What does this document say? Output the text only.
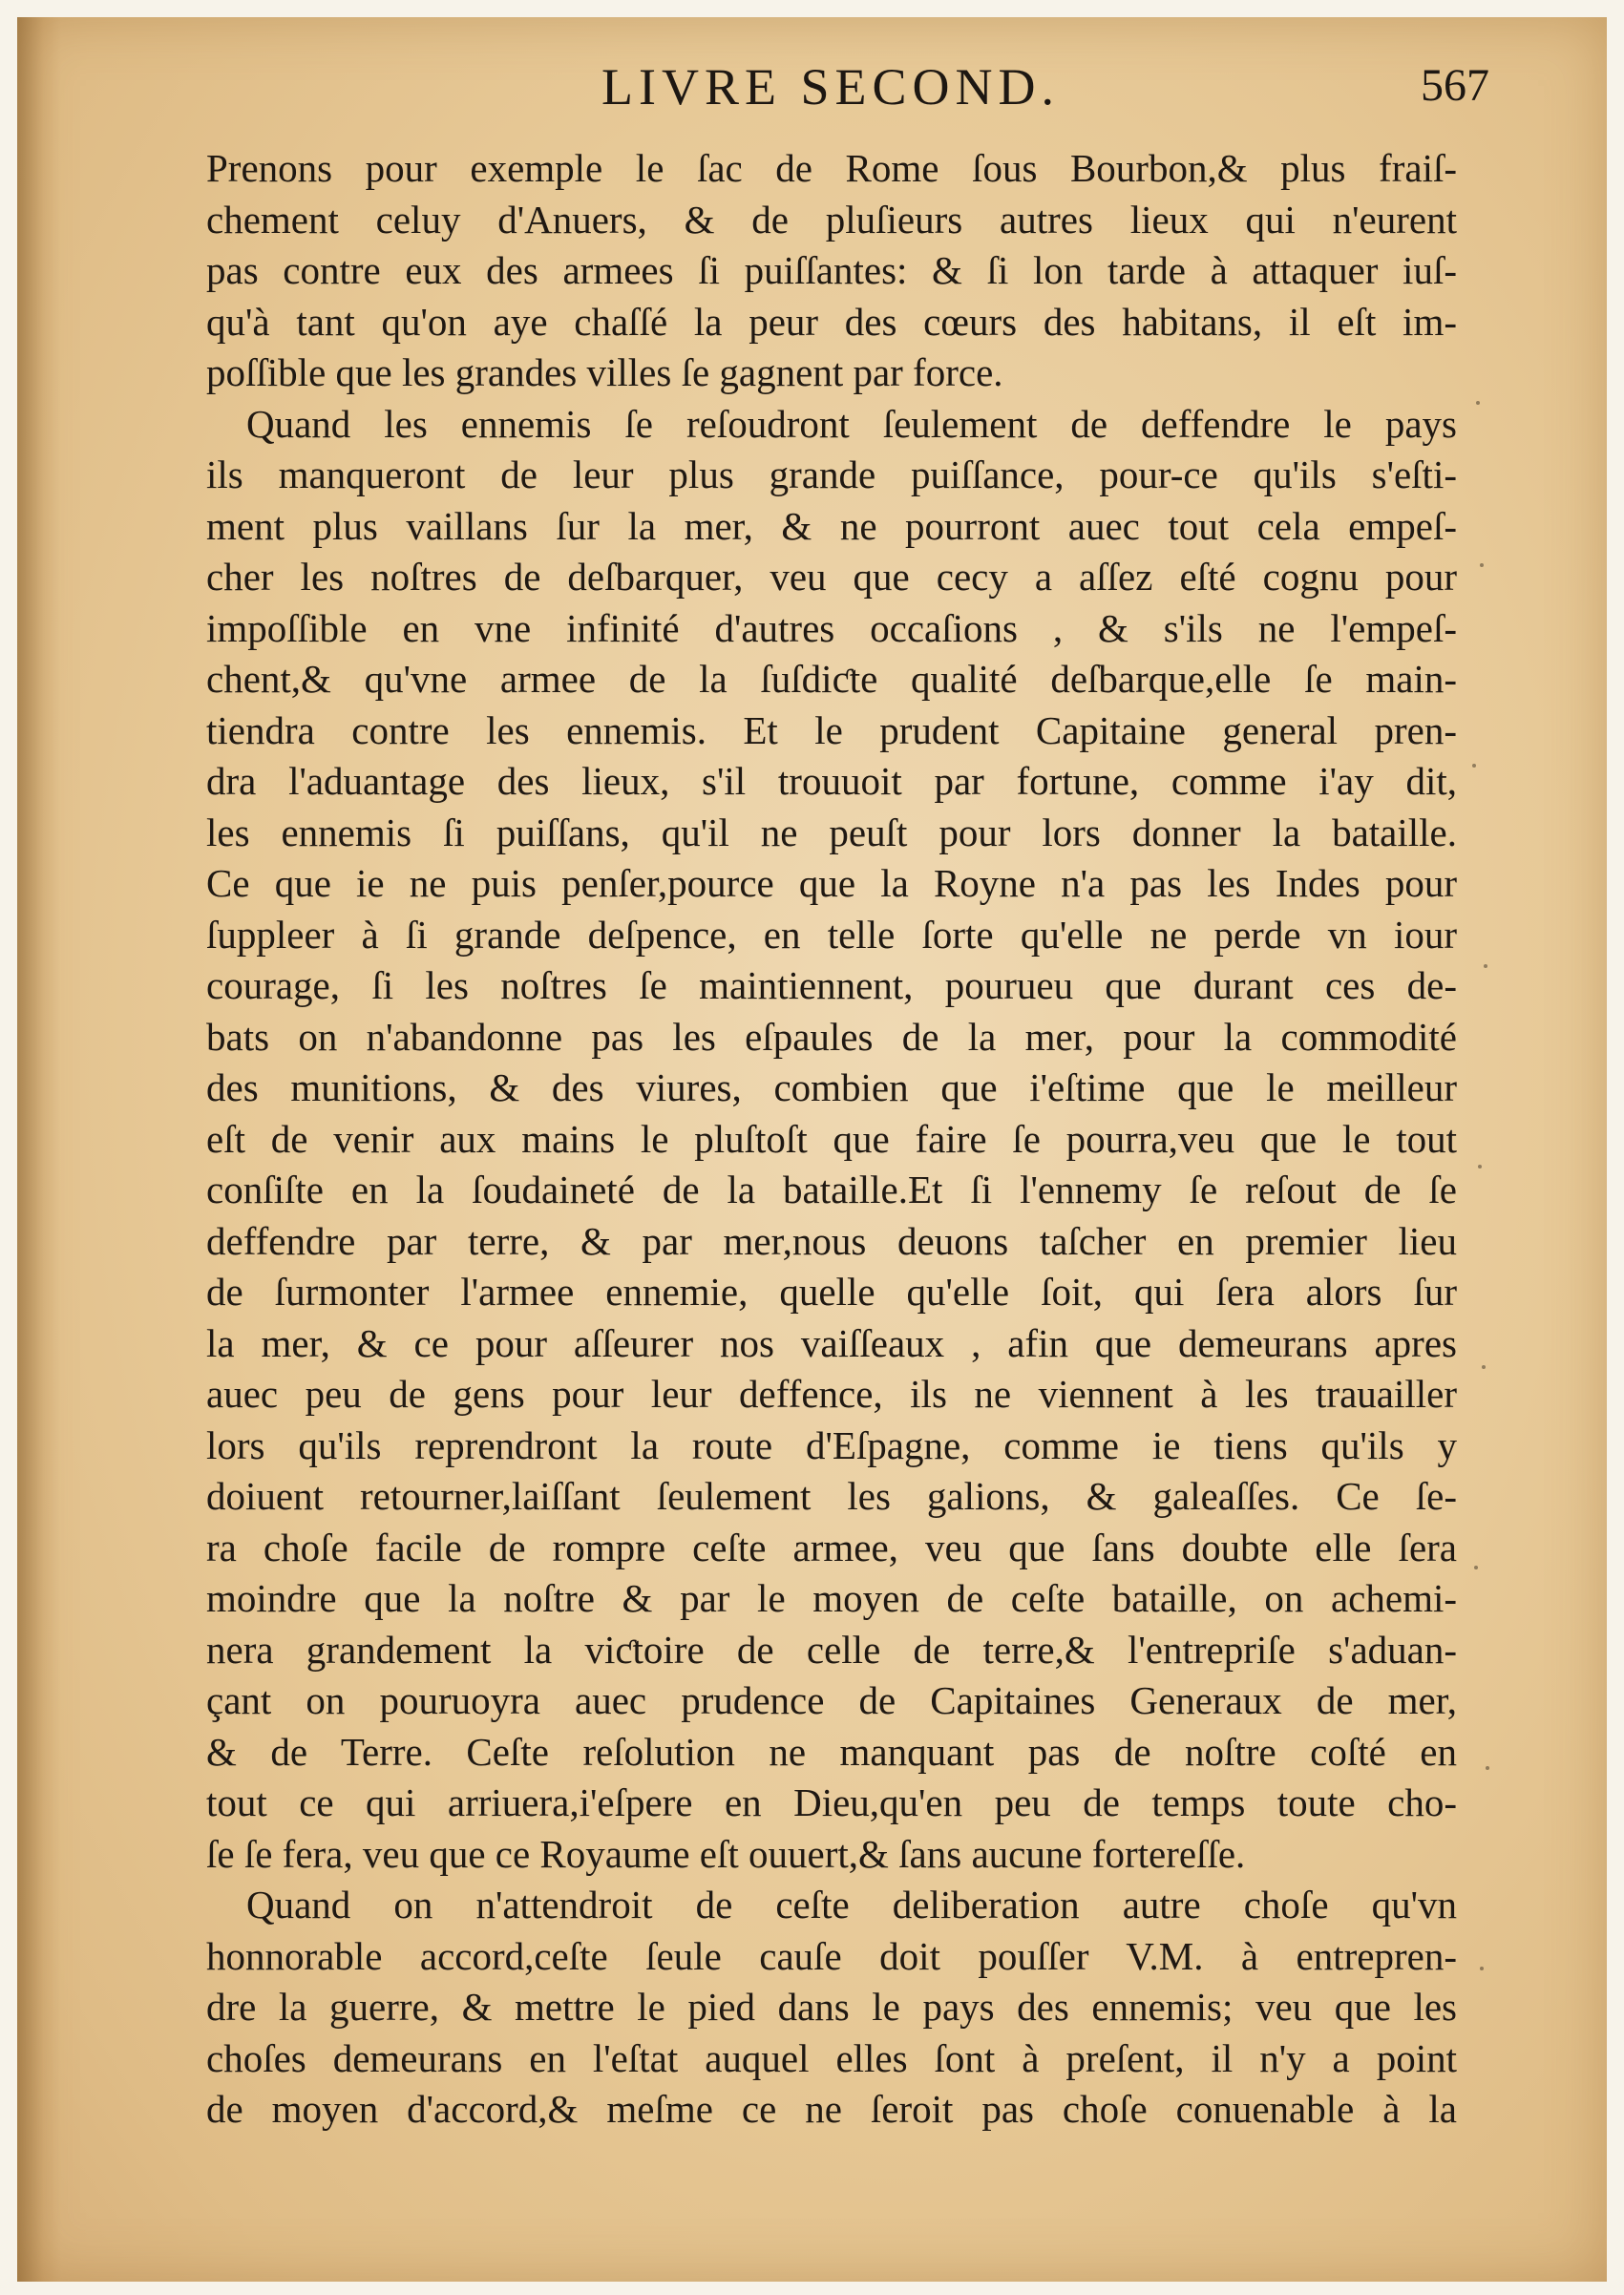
LIVRE SECOND.	567
Prenons pour exemple le ſac de Rome ſous Bourbon,& plus fraiſ-
chement celuy d'Anuers, & de pluſieurs autres lieux qui n'eurent
pas contre eux des armees ſi puiſſantes: & ſi lon tarde à attaquer iuſ-
qu'à tant qu'on aye chaſſé la peur des cœurs des habitans, il eſt im-
poſſible que les grandes villes ſe gagnent par force.
Quand les ennemis ſe reſoudront ſeulement de deffendre le pays
ils manqueront de leur plus grande puiſſance, pour-ce qu'ils s'eſti-
ment plus vaillans ſur la mer, & ne pourront auec tout cela empeſ-
cher les noſtres de deſbarquer, veu que cecy a aſſez eſté cognu pour
impoſſible en vne infinité d'autres occaſions , & s'ils ne l'empeſ-
chent,& qu'vne armee de la ſuſdiƈte qualité deſbarque,elle ſe main-
tiendra contre les ennemis. Et le prudent Capitaine general pren-
dra l'aduantage des lieux, s'il trouuoit par fortune, comme i'ay dit,
les ennemis ſi puiſſans, qu'il ne peuſt pour lors donner la bataille.
Ce que ie ne puis penſer,pource que la Royne n'a pas les Indes pour
ſuppleer à ſi grande deſpence, en telle ſorte qu'elle ne perde vn iour
courage, ſi les noſtres ſe maintiennent, pourueu que durant ces de-
bats on n'abandonne pas les eſpaules de la mer, pour la commodité
des munitions, & des viures, combien que i'eſtime que le meilleur
eſt de venir aux mains le pluſtoſt que faire ſe pourra,veu que le tout
conſiſte en la ſoudaineté de la bataille.Et ſi l'ennemy ſe reſout de ſe
deffendre par terre, & par mer,nous deuons taſcher en premier lieu
de ſurmonter l'armee ennemie, quelle qu'elle ſoit, qui ſera alors ſur
la mer, & ce pour aſſeurer nos vaiſſeaux , afin que demeurans apres
auec peu de gens pour leur deffence, ils ne viennent à les trauailler
lors qu'ils reprendront la route d'Eſpagne, comme ie tiens qu'ils y
doiuent retourner,laiſſant ſeulement les galions, & galeaſſes. Ce ſe-
ra choſe facile de rompre ceſte armee, veu que ſans doubte elle ſera
moindre que la noſtre & par le moyen de ceſte bataille, on achemi-
nera grandement la viƈtoire de celle de terre,& l'entrepriſe s'aduan-
çant on pouruoyra auec prudence de Capitaines Generaux de mer,
& de Terre. Ceſte reſolution ne manquant pas de noſtre coſté en
tout ce qui arriuera,i'eſpere en Dieu,qu'en peu de temps toute cho-
ſe ſe fera, veu que ce Royaume eſt ouuert,& ſans aucune fortereſſe.
Quand on n'attendroit de ceſte deliberation autre choſe qu'vn
honnorable accord,ceſte ſeule cauſe doit pouſſer V.M. à entrepren-
dre la guerre, & mettre le pied dans le pays des ennemis; veu que les
choſes demeurans en l'eſtat auquel elles ſont à preſent, il n'y a point
de moyen d'accord,& meſme ce ne ſeroit pas choſe conuenable à la
